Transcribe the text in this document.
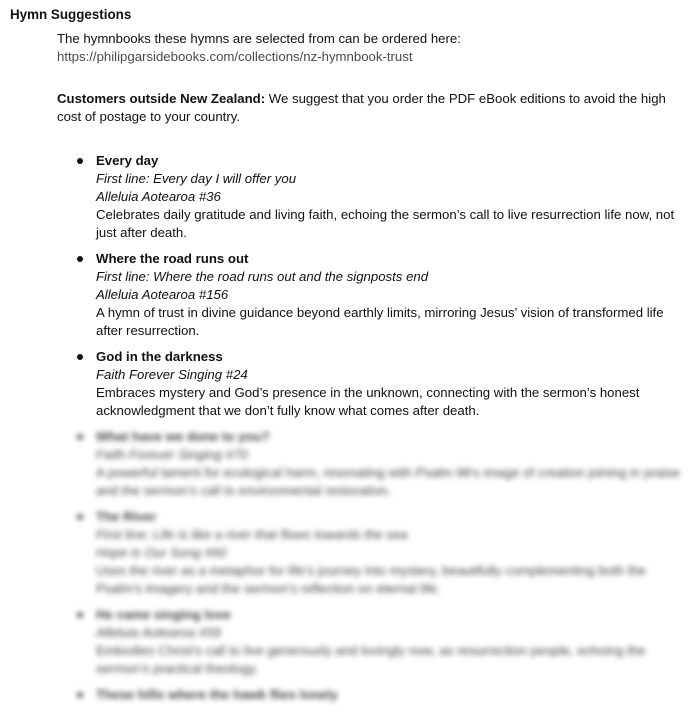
Hymn Suggestions
The hymnbooks these hymns are selected from can be ordered here:
https://philipgarsidebooks.com/collections/nz-hymnbook-trust
Customers outside New Zealand: We suggest that you order the PDF eBook editions to avoid the high cost of postage to your country.
Every day
First line: Every day I will offer you
Alleluia Aotearoa #36
Celebrates daily gratitude and living faith, echoing the sermon’s call to live resurrection life now, not just after death.
Where the road runs out
First line: Where the road runs out and the signposts end
Alleluia Aotearoa #156
A hymn of trust in divine guidance beyond earthly limits, mirroring Jesus’ vision of transformed life after resurrection.
God in the darkness
Faith Forever Singing #24
Embraces mystery and God’s presence in the unknown, connecting with the sermon’s honest acknowledgment that we don’t fully know what comes after death.
What have we done to you?
Faith Forever Singing #70
A powerful lament for ecological harm, resonating with Psalm 98’s image of creation joining in praise and the sermon’s call to environmental restoration.
The River
First line: Life is like a river that flows towards the sea
Hope is Our Song #60
Uses the river as a metaphor for life’s journey into mystery, beautifully complementing both the Psalm’s imagery and the sermon’s reflection on eternal life.
He came singing love
Alleluia Aotearoa #59
Embodies Christ’s call to live generously and lovingly now, as resurrection people, echoing the sermon’s practical theology.
These hills where the hawk flies lonely
